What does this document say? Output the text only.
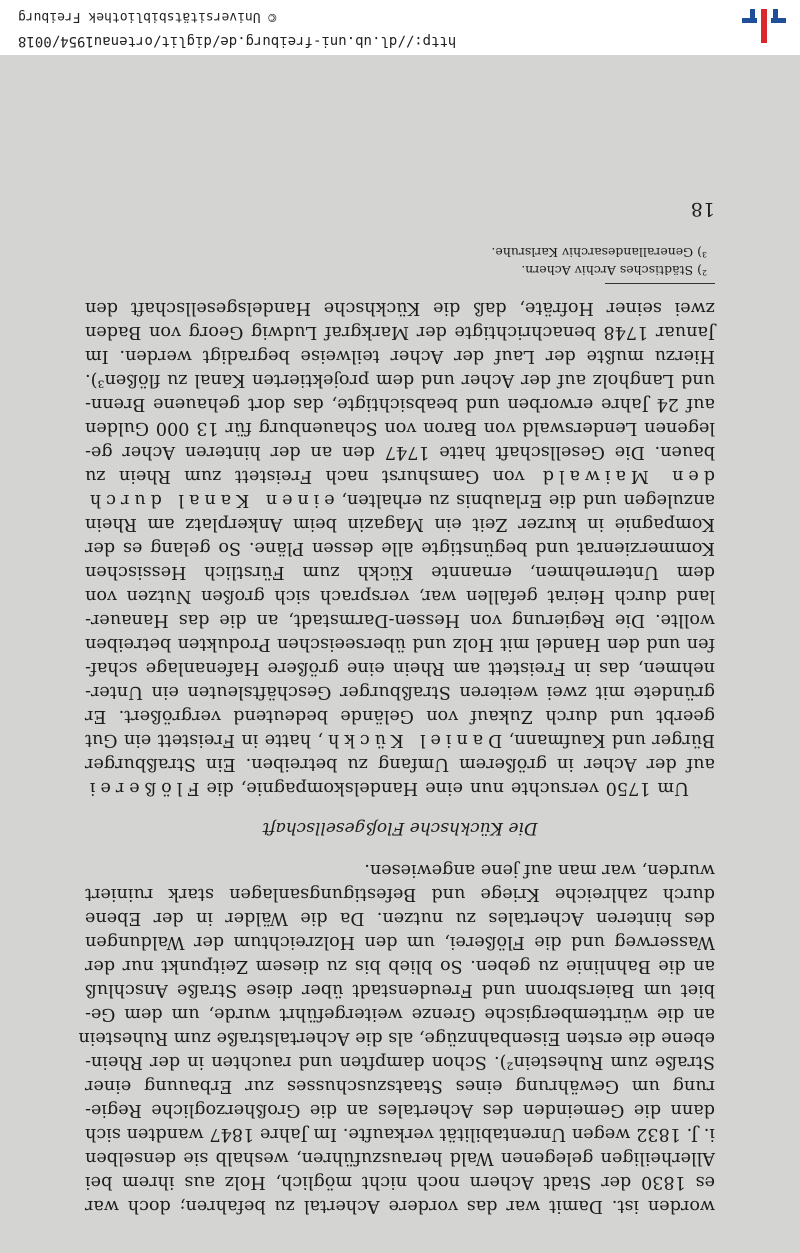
worden ist. Damit war das vordere Achertal zu befahren; doch war
es 1830 der Stadt Achern noch nicht möglich, Holz aus ihrem bei
Allerheiligen gelegenen Wald herauszuführen, weshalb sie denselben
i. J. 1832 wegen Unrentabilität verkaufte. Im Jahre 1847 wandten sich
dann die Gemeinden des Achertales an die Großherzogliche Regie-
rung um Gewährung eines Staatszuschusses zur Erbauung einer
Straße zum Ruhestein²). Schon dampften und rauchten in der Rhein-
ebene die ersten Eisenbahnzüge, als die Achertalstraße zum Ruhestein
an die württembergische Grenze weitergeführt wurde, um dem Ge-
biet um Baiersbronn und Freudenstadt über diese Straße Anschluß
an die Bahnlinie zu geben. So blieb bis zu diesem Zeitpunkt nur der
Wasserweg und die Flößerei, um den Holzreichtum der Waldungen
des hinteren Achertales zu nutzen. Da die Wälder in der Ebene
durch zahlreiche Kriege und Befestigungsanlagen stark ruiniert
wurden, war man auf jene angewiesen.
Die Kückhsche Floßgesellschaft
Um 1750 versuchte nun eine Handelskompagnie, die Flößerei
auf der Acher in größerem Umfang zu betreiben. Ein Straßburger
Bürger und Kaufmann, Daniel Kückh, hatte in Freistett ein Gut
geerbt und durch Zukauf von Gelände bedeutend vergrößert. Er
gründete mit zwei weiteren Straßburger Geschäftsleuten ein Unter-
nehmen, das in Freistett am Rhein eine größere Hafenanlage schaf-
fen und den Handel mit Holz und überseeischen Produkten betreiben
wollte. Die Regierung von Hessen-Darmstadt, an die das Hanauer-
land durch Heirat gefallen war, versprach sich großen Nutzen von
dem Unternehmen, ernannte Kückh zum Fürstlich Hessischen
Kommerzienrat und begünstigte alle dessen Pläne. So gelang es der
Kompagnie in kurzer Zeit ein Magazin beim Ankerplatz am Rhein
anzulegen und die Erlaubnis zu erhalten, einen Kanal durch
den Maiwald von Gamshurst nach Freistett zum Rhein zu
bauen. Die Gesellschaft hatte 1747 den an der hinteren Acher ge-
legenen Lenderswald von Baron von Schauenburg für 13 000 Gulden
auf 24 Jahre erworben und beabsichtigte, das dort gehauene Brenn-
und Langholz auf der Acher und dem projektierten Kanal zu flößen³).
Hierzu mußte der Lauf der Acher teilweise begradigt werden. Im
Januar 1748 benachrichtigte der Markgraf Ludwig Georg von Baden
zwei seiner Hofräte, daß die Kückhsche Handelsgesellschaft den
²) Städtisches Archiv Achern.
³) Generallandesarchiv Karlsruhe.
18
http://dl.ub.uni-freiburg.de/diglit/ortenau1954/0018
© Universitätsbibliothek Freiburg
